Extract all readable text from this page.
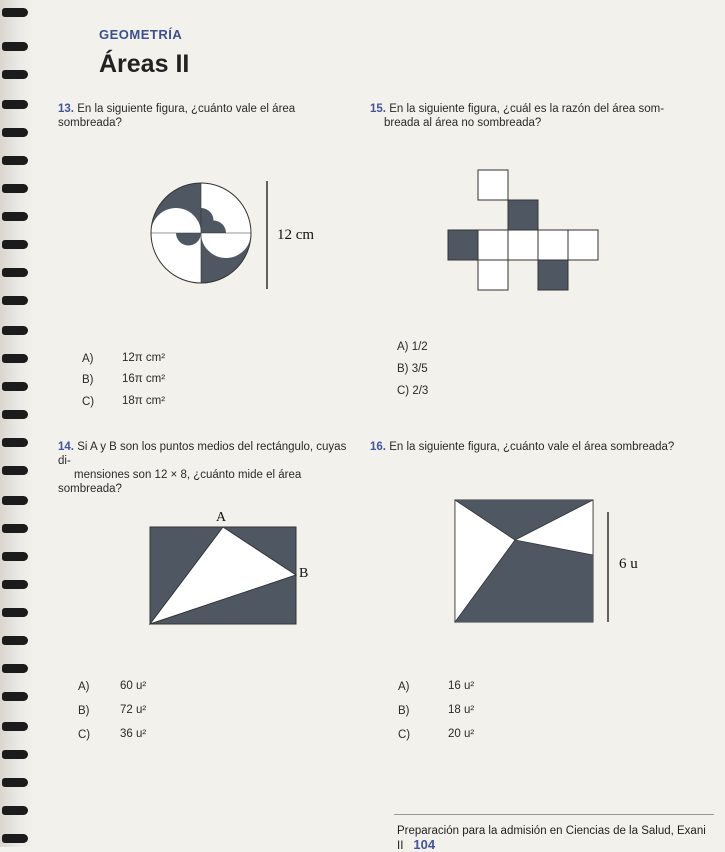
GEOMETRÍA
Áreas II
13. En la siguiente figura, ¿cuánto vale el área sombreada?
12 cm
A) 12π cm²
B) 16π cm²
C) 18π cm²
15. En la siguiente figura, ¿cuál es la razón del área som-
breada al área no sombreada?
A) 1/2
B) 3/5
C) 2/3
14. Si A y B son los puntos medios del rectángulo, cuyas di-
mensiones son 12 × 8, ¿cuánto mide el área sombreada?
A
B
A)	60 u²
B)	72 u²
C)	36 u²
16. En la siguiente figura, ¿cuánto vale el área sombreada?
6 u
A)	16 u²
B)	18 u²
C)	20 u²
Preparación para la admisión en Ciencias de la Salud, Exani II 104
